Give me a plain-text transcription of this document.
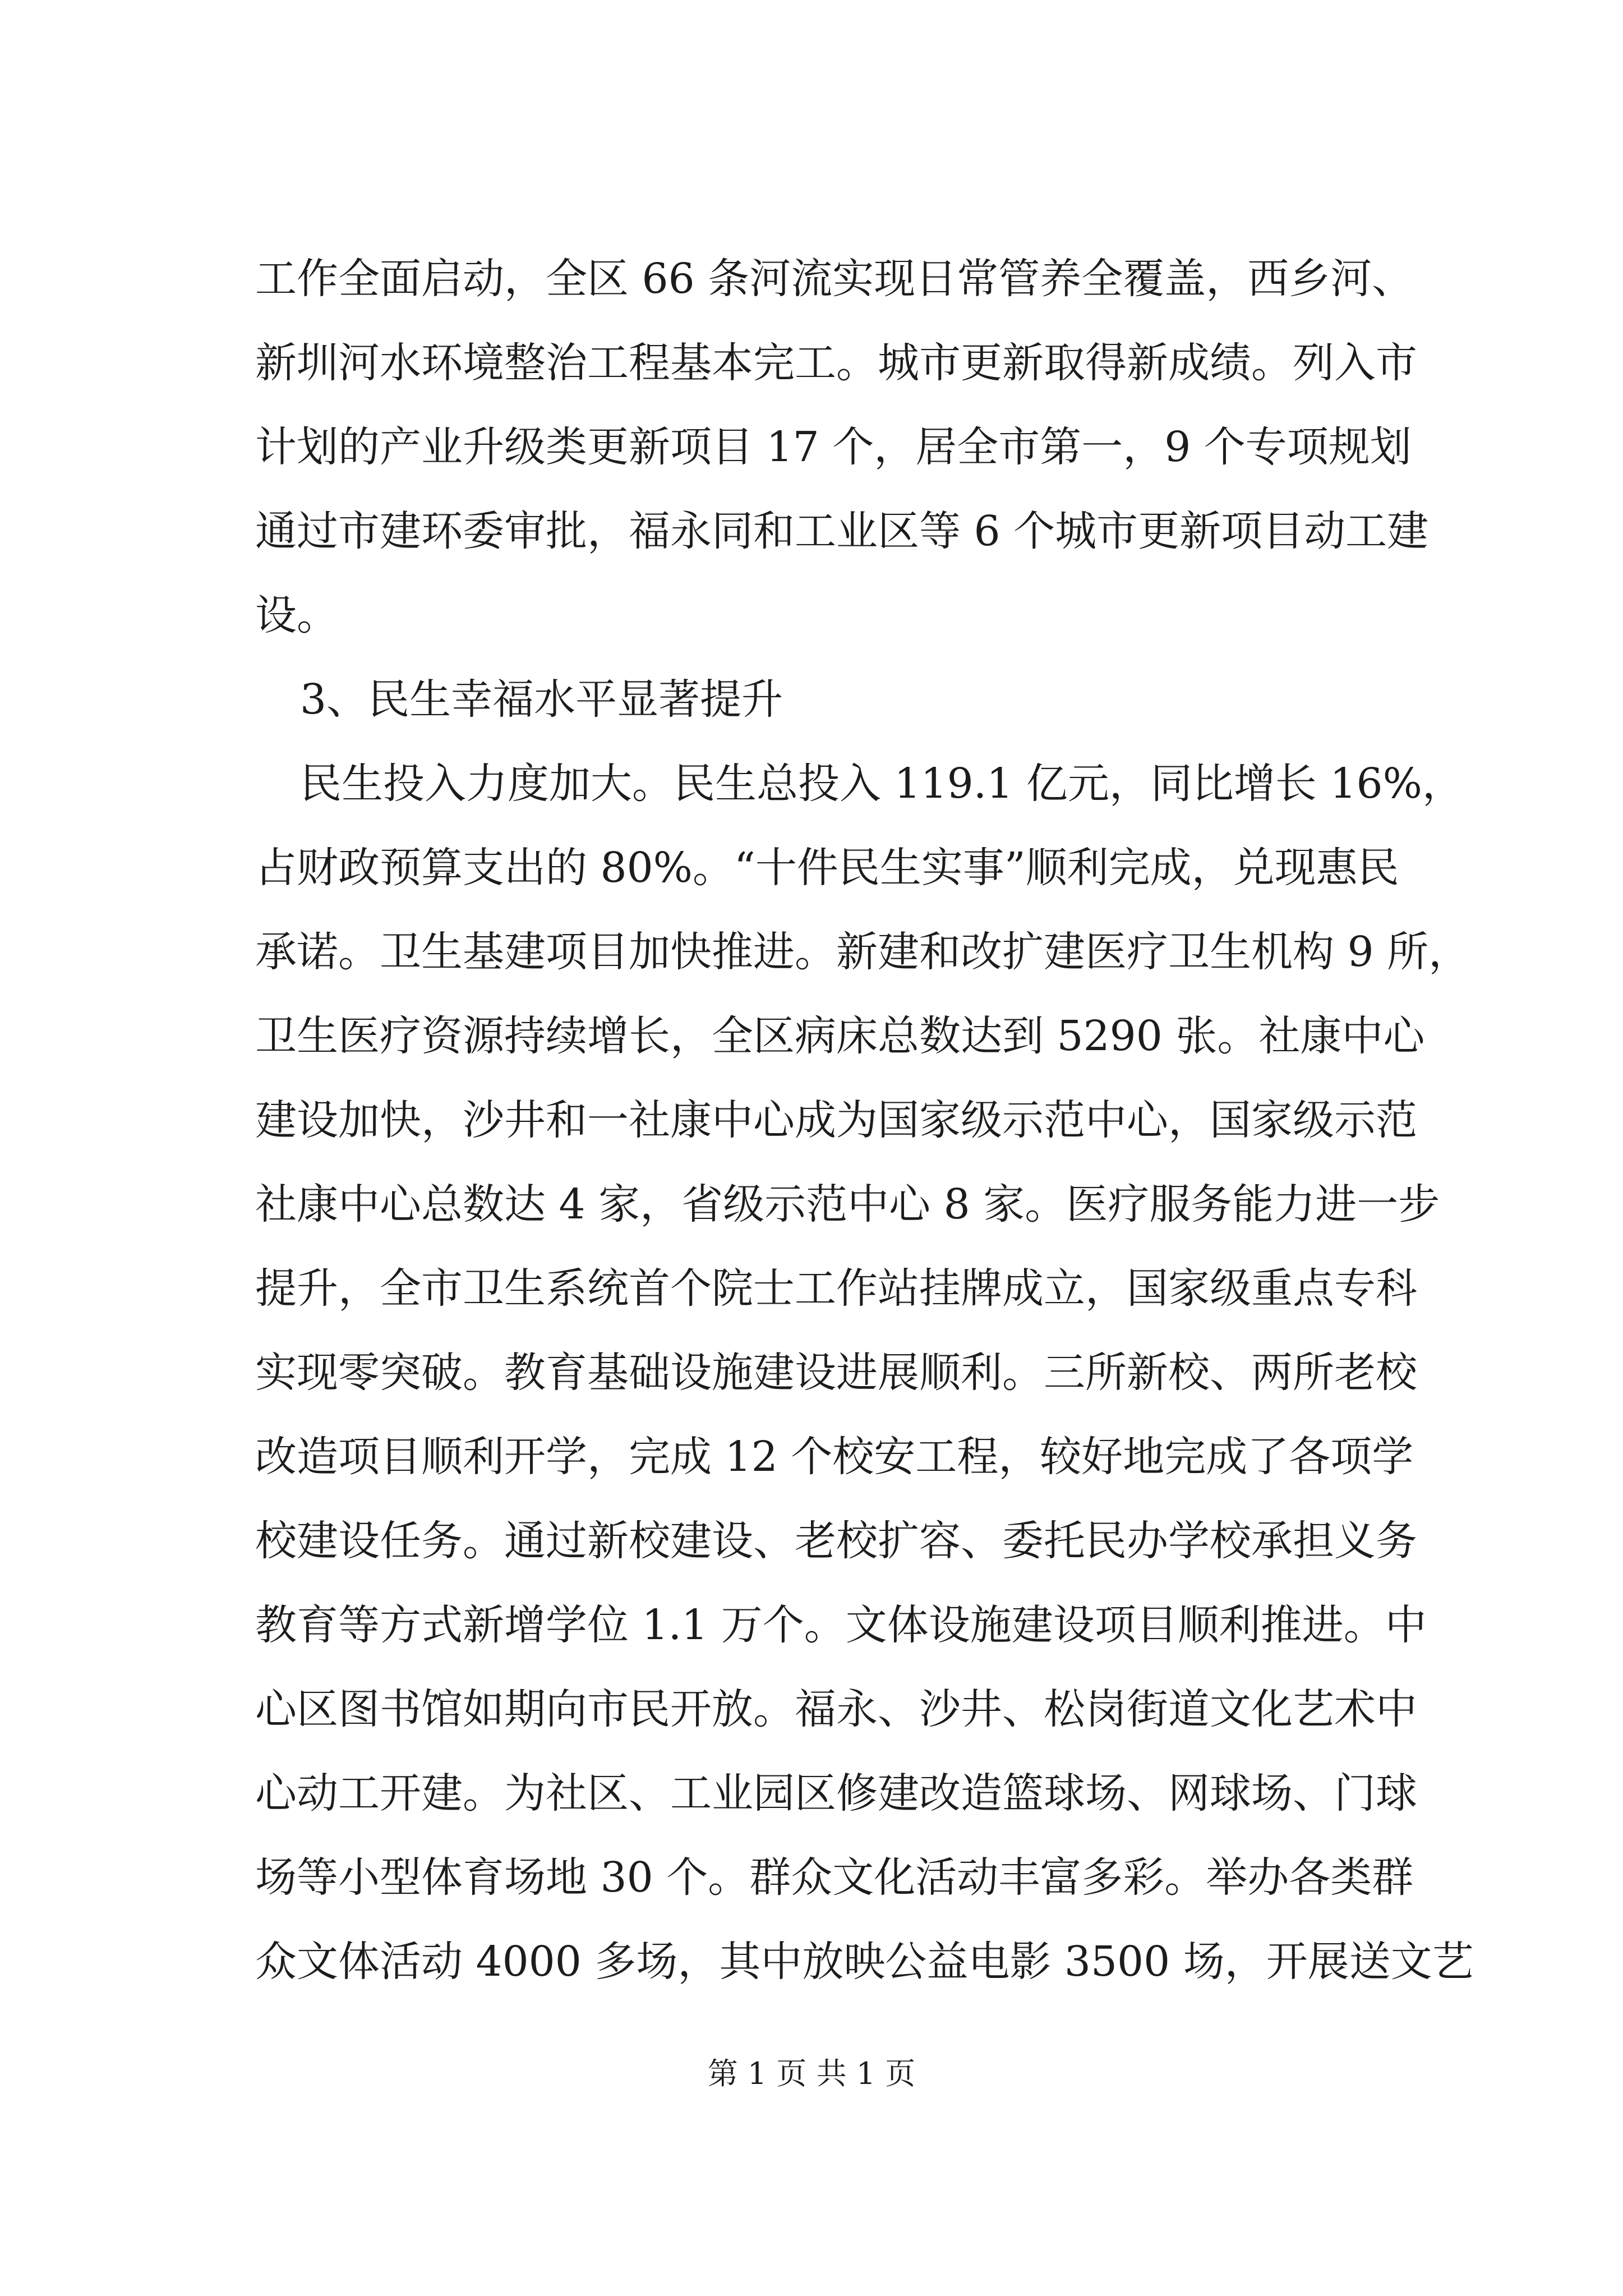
工作全面启动，全区 66 条河流实现日常管养全覆盖，西乡河、
新圳河水环境整治工程基本完工。城市更新取得新成绩。列入市
计划的产业升级类更新项目 17 个，居全市第一，9 个专项规划
通过市建环委审批，福永同和工业区等 6 个城市更新项目动工建
设。
3、民生幸福水平显著提升
民生投入力度加大。民生总投入 119.1 亿元，同比增长 16%，
占财政预算支出的 80%。“十件民生实事”顺利完成，兑现惠民
承诺。卫生基建项目加快推进。新建和改扩建医疗卫生机构 9 所，
卫生医疗资源持续增长，全区病床总数达到 5290 张。社康中心
建设加快，沙井和一社康中心成为国家级示范中心，国家级示范
社康中心总数达 4 家，省级示范中心 8 家。医疗服务能力进一步
提升，全市卫生系统首个院士工作站挂牌成立，国家级重点专科
实现零突破。教育基础设施建设进展顺利。三所新校、两所老校
改造项目顺利开学，完成 12 个校安工程，较好地完成了各项学
校建设任务。通过新校建设、老校扩容、委托民办学校承担义务
教育等方式新增学位 1.1 万个。文体设施建设项目顺利推进。中
心区图书馆如期向市民开放。福永、沙井、松岗街道文化艺术中
心动工开建。为社区、工业园区修建改造篮球场、网球场、门球
场等小型体育场地 30 个。群众文化活动丰富多彩。举办各类群
众文体活动 4000 多场，其中放映公益电影 3500 场，开展送文艺
第 1 页 共 1 页
